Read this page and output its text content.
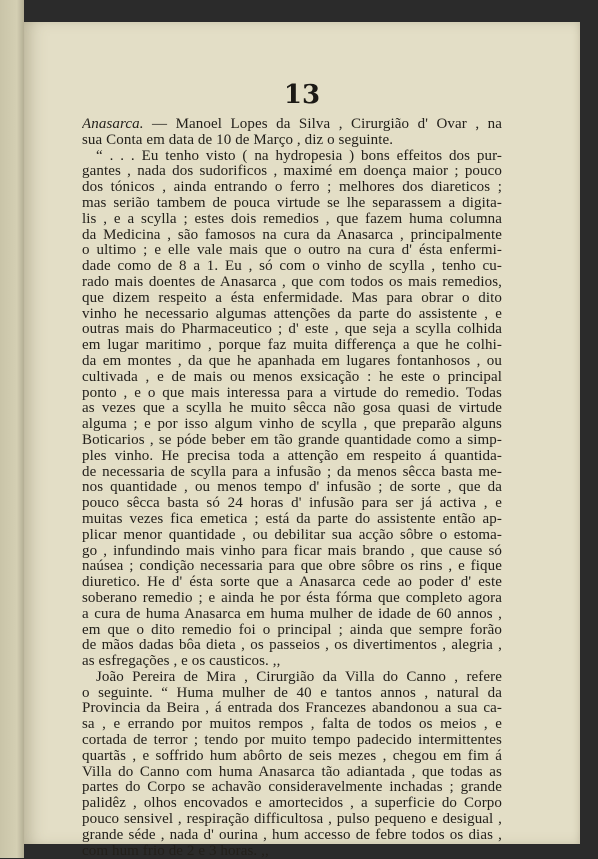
13

Anasarca. — Manoel Lopes da Silva , Cirurgião d' Ovar , na
sua Conta em data de 10 de Março , diz o seguinte.

“ . . . Eu tenho visto ( na hydropesia ) bons effeitos dos pur-
gantes , nada dos sudorificos , maximé em doença maior ; pouco
dos tónicos , ainda entrando o ferro ; melhores dos diareticos ;
mas serião tambem de pouca virtude se lhe separassem a digita-
lis , e a scylla ; estes dois remedios , que fazem huma columna
da Medicina , são famosos na cura da Anasarca , principalmente
o ultimo ; e elle vale mais que o outro na cura d' ésta enfermi-
dade como de 8 a 1. Eu , só com o vinho de scylla , tenho cu-
rado mais doentes de Anasarca , que com todos os mais remedios,
que dizem respeito a ésta enfermidade. Mas para obrar o dito
vinho he necessario algumas attenções da parte do assistente , e
outras mais do Pharmaceutico ; d' este , que seja a scylla colhida
em lugar maritimo , porque faz muita differença a que he colhi-
da em montes , da que he apanhada em lugares fontanhosos , ou
cultivada , e de mais ou menos exsicação : he este o principal
ponto , e o que mais interessa para a virtude do remedio. Todas
as vezes que a scylla he muito sêcca não gosa quasi de virtude
alguma ; e por isso algum vinho de scylla , que preparão alguns
Boticarios , se póde beber em tão grande quantidade como a simp-
ples vinho. He precisa toda a attenção em respeito á quantida-
de necessaria de scylla para a infusão ; da menos sêcca basta me-
nos quantidade , ou menos tempo d' infusão ; de sorte , que da
pouco sêcca basta só 24 horas d' infusão para ser já activa , e
muitas vezes fica emetica ; está da parte do assistente então ap-
plicar menor quantidade , ou debilitar sua acção sôbre o estoma-
go , infundindo mais vinho para ficar mais brando , que cause só
naúsea ; condição necessaria para que obre sôbre os rins , e fique
diuretico. He d' ésta sorte que a Anasarca cede ao poder d' este
soberano remedio ; e ainda he por ésta fórma que completo agora
a cura de huma Anasarca em huma mulher de idade de 60 annos ,
em que o dito remedio foi o principal ; ainda que sempre forão
de mãos dadas bôa dieta , os passeios , os divertimentos , alegria ,
as esfregações , e os causticos. ,,

João Pereira de Mira , Cirurgião da Villa do Canno , refere
o seguinte. “ Huma mulher de 40 e tantos annos , natural da
Provincia da Beira , á entrada dos Francezes abandonou a sua ca-
sa , e errando por muitos rempos , falta de todos os meios , e
cortada de terror ; tendo por muito tempo padecido intermittentes
quartãs , e soffrido hum abôrto de seis mezes , chegou em fim á
Villa do Canno com huma Anasarca tão adiantada , que todas as
partes do Corpo se achavão consideravelmente inchadas ; grande
palidêz , olhos encovados e amortecidos , a superficie do Corpo
pouco sensivel , respiração difficultosa , pulso pequeno e desigual ,
grande séde , nada d' ourina , hum accesso de febre todos os dias ,
com hum frio de 2 e 3 horas. ,,
